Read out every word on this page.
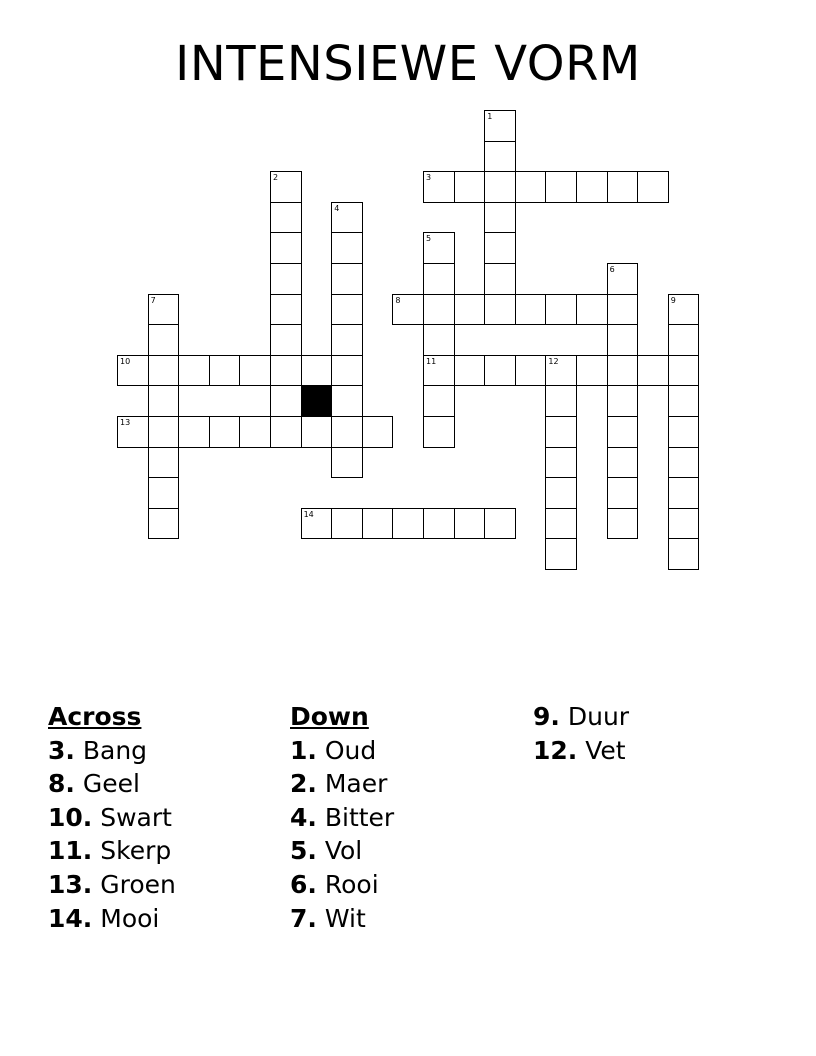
INTENSIEWE VORM
1
2	3
4
5
6
7	8	9
10	11	12
13
14
Across
3. Bang
8. Geel
10. Swart
11. Skerp
13. Groen
14. Mooi
Down
1. Oud
2. Maer
4. Bitter
5. Vol
6. Rooi
7. Wit
9. Duur
12. Vet
